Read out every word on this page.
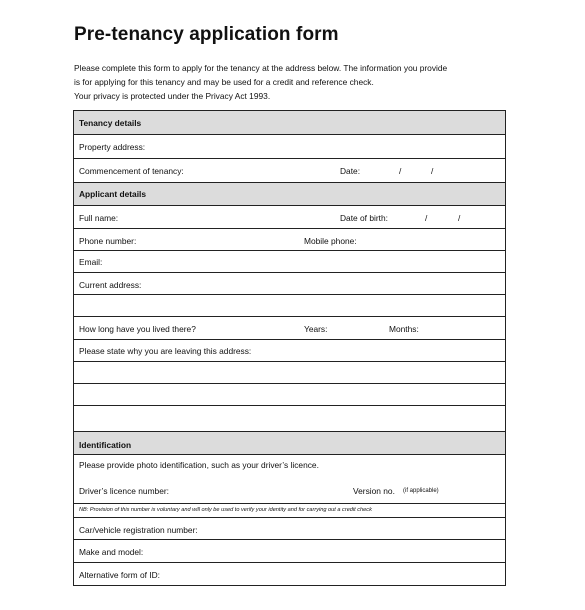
Pre-tenancy application form
Please complete this form to apply for the tenancy at the address below. The information you provide
is for applying for this tenancy and may be used for a credit and reference check.
Your privacy is protected under the Privacy Act 1993.
Tenancy details
Property address:
Commencement of tenancy:	Date:	/	/
Applicant details
Full name:	Date of birth:	/	/
Phone number:	Mobile phone:
Email:
Current address:
How long have you lived there?	Years:	Months:
Please state why you are leaving this address:
Identification
Please provide photo identification, such as your driver’s licence.
Driver’s licence number:	Version no. (if applicable)
NB: Provision of this number is voluntary and will only be used to verify your identity and for carrying out a credit check
Car/vehicle registration number:
Make and model:
Alternative form of ID:
